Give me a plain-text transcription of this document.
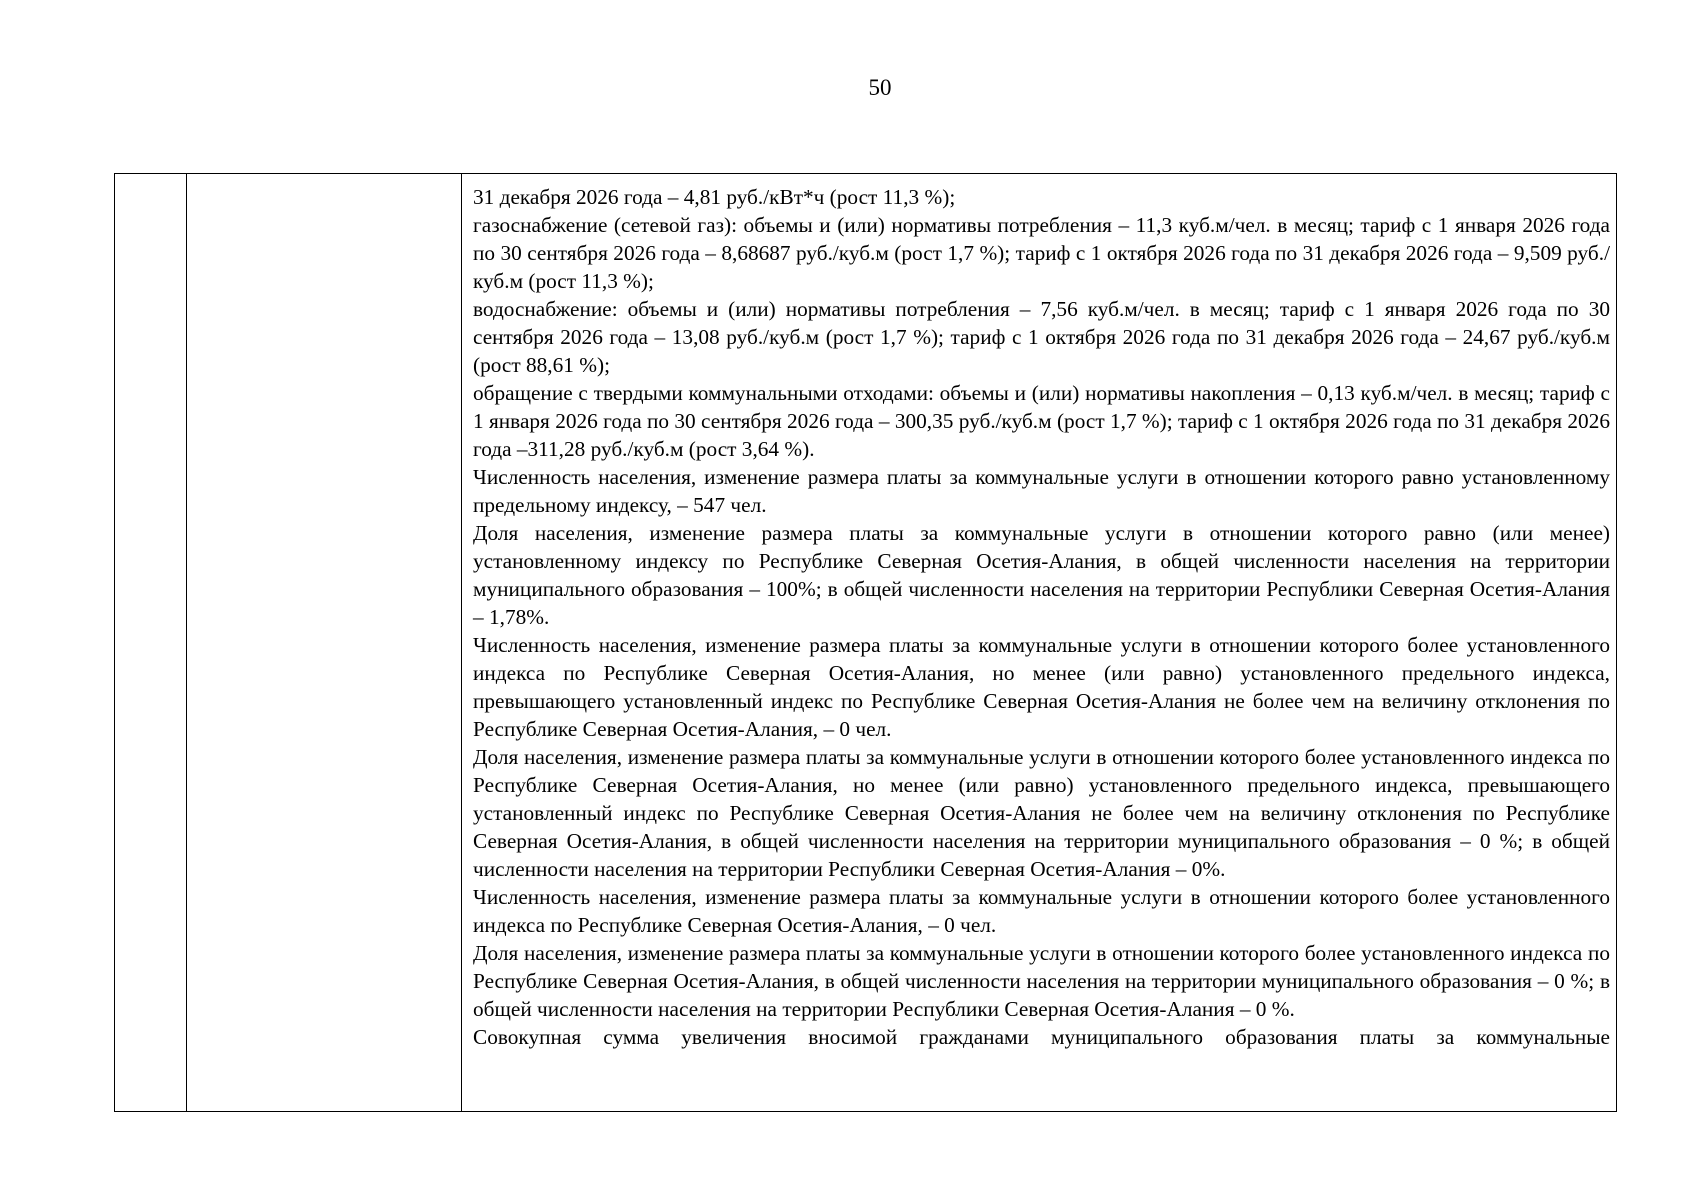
50

31 декабря 2026 года – 4,81 руб./кВт*ч (рост 11,3 %);

газоснабжение (сетевой газ): объемы и (или) нормативы потребления – 11,3 куб.м/чел. в месяц; тариф с 1 января 2026 года по 30 сентября 2026 года – 8,68687 руб./куб.м (рост 1,7 %); тариф с 1 октября 2026 года по 31 декабря 2026 года – 9,509 руб./куб.м (рост 11,3 %);

водоснабжение: объемы и (или) нормативы потребления – 7,56 куб.м/чел. в месяц; тариф с 1 января 2026 года по 30 сентября 2026 года – 13,08 руб./куб.м (рост 1,7 %); тариф с 1 октября 2026 года по 31 декабря 2026 года – 24,67 руб./куб.м (рост 88,61 %);

обращение с твердыми коммунальными отходами: объемы и (или) нормативы накопления – 0,13 куб.м/чел. в месяц; тариф с 1 января 2026 года по 30 сентября 2026 года – 300,35 руб./куб.м (рост 1,7 %); тариф с 1 октября 2026 года по 31 декабря 2026 года –311,28 руб./куб.м (рост 3,64 %).

Численность населения, изменение размера платы за коммунальные услуги в отношении которого равно установленному предельному индексу, – 547 чел.

Доля населения, изменение размера платы за коммунальные услуги в отношении которого равно (или менее) установленному индексу по Республике Северная Осетия-Алания, в общей численности населения на территории муниципального образования – 100%; в общей численности населения на территории Республики Северная Осетия-Алания – 1,78%.

Численность населения, изменение размера платы за коммунальные услуги в отношении которого более установленного индекса по Республике Северная Осетия-Алания, но менее (или равно) установленного предельного индекса, превышающего установленный индекс по Республике Северная Осетия-Алания не более чем на величину отклонения по Республике Северная Осетия-Алания, – 0 чел.

Доля населения, изменение размера платы за коммунальные услуги в отношении которого более установленного индекса по Республике Северная Осетия-Алания, но менее (или равно) установленного предельного индекса, превышающего установленный индекс по Республике Северная Осетия-Алания не более чем на величину отклонения по Республике Северная Осетия-Алания, в общей численности населения на территории муниципального образования – 0 %; в общей численности населения на территории Республики Северная Осетия-Алания – 0%.

Численность населения, изменение размера платы за коммунальные услуги в отношении которого более установленного индекса по Республике Северная Осетия-Алания, – 0 чел.

Доля населения, изменение размера платы за коммунальные услуги в отношении которого более установленного индекса по Республике Северная Осетия-Алания, в общей численности населения на территории муниципального образования – 0 %; в общей численности населения на территории Республики Северная Осетия-Алания – 0 %.

Совокупная сумма увеличения вносимой гражданами муниципального образования платы за коммунальные
